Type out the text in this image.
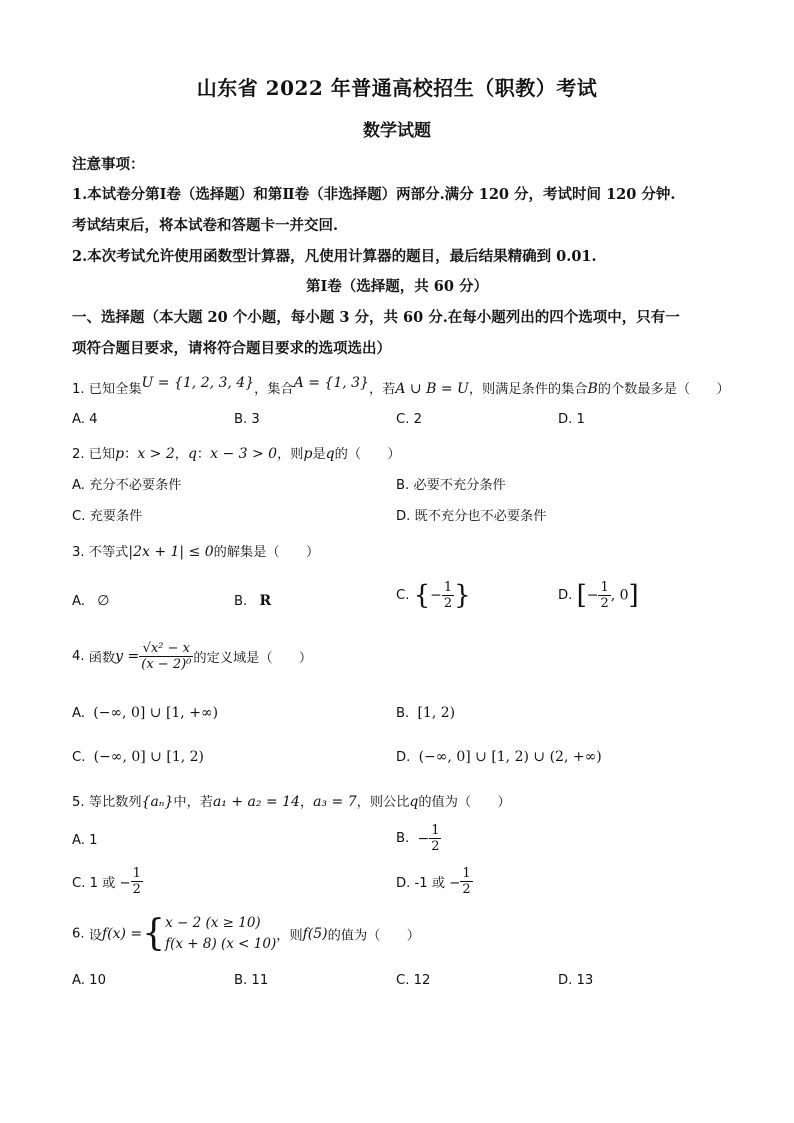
山东省 2022 年普通高校招生（职教）考试
数学试题
注意事项：
1.本试卷分第Ⅰ卷（选择题）和第Ⅱ卷（非选择题）两部分.满分 120 分，考试时间 120 分钟.
考试结束后，将本试卷和答题卡一并交回.
2.本次考试允许使用函数型计算器，凡使用计算器的题目，最后结果精确到 0.01.
第Ⅰ卷（选择题，共 60 分）
一、选择题（本大题 20 个小题，每小题 3 分，共 60 分.在每小题列出的四个选项中，只有一
项符合题目要求，请将符合题目要求的选项选出）
1. 已知全集U = {1, 2, 3, 4}，集合A = {1, 3}，若A ∪ B = U，则满足条件的集合B的个数最多是（　　）
A. 4	B. 3	C. 2	D. 1
2. 已知p：x > 2，q：x − 3 > 0，则p是q的（　　）
A. 充分不必要条件	B. 必要不充分条件
C. 充要条件	D. 既不充分也不必要条件
3. 不等式|2x + 1| ≤ 0的解集是（　　）
A. ∅	B. R	C. {− $\frac{1}{2}$ }	D. [− $\frac{1}{2}$ , 0]
4. 函数$y = \frac{\text{√x² − x}}{\text{(x − 2)⁰}}$ 的定义域是（　　）
A. (−∞, 0] ∪ [1, +∞)	B. [1, 2)
C. (−∞, 0] ∪ [1, 2)	D. (−∞, 0] ∪ [1, 2) ∪ (2, +∞)
5. 等比数列{aₙ}中，若a₁ + a₂ = 14，a₃ = 7，则公比q的值为（　　）
A. 1	B. − $\frac{1}{2}$
C. 1 或 − $\frac{1}{2}$	D. -1 或 − $\frac{1}{2}$
6. 设f(x) ={ x − 2 (x ≥ 10)
f(x + 8) (x < 10) ，则f(5)的值为（　　）
A. 10	B. 11	C. 12	D. 13
